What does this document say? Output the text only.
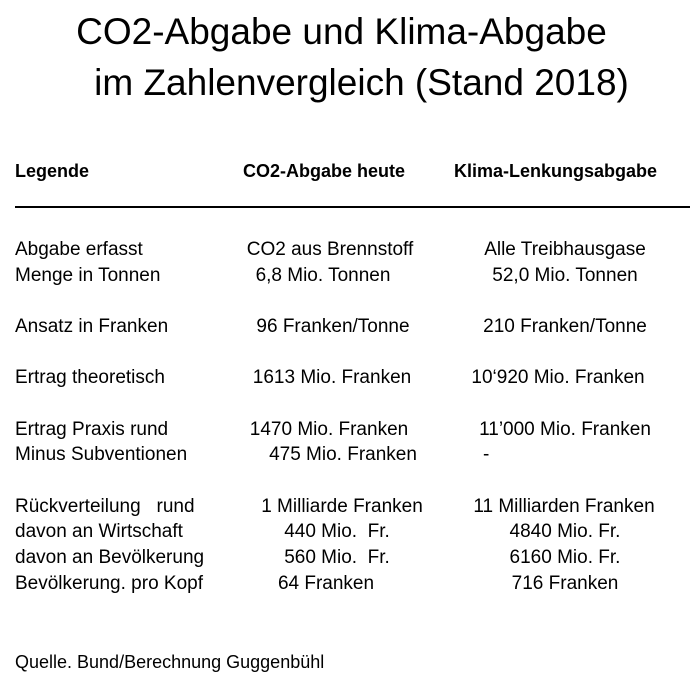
CO2-Abgabe und Klima-Abgabe
im Zahlenvergleich (Stand 2018)
Legende	CO2-Abgabe heute	Klima-Lenkungsabgabe
Abgabe erfasst	CO2 aus Brennstoff	Alle Treibhausgase
Menge in Tonnen	6,8 Mio. Tonnen	52,0 Mio. Tonnen
Ansatz in Franken	96 Franken/Tonne	210 Franken/Tonne
Ertrag theoretisch	1613 Mio. Franken	10‘920 Mio. Franken
Ertrag Praxis rund	1470 Mio. Franken	11’000 Mio. Franken
Minus Subventionen	475 Mio. Franken	-
Rückverteilung   rund	1 Milliarde Franken	11 Milliarden Franken
davon an Wirtschaft	440 Mio.  Fr.	4840 Mio. Fr.
davon an Bevölkerung	560 Mio.  Fr.	6160 Mio. Fr.
Bevölkerung. pro Kopf	64 Franken	716 Franken
Quelle. Bund/Berechnung Guggenbühl
